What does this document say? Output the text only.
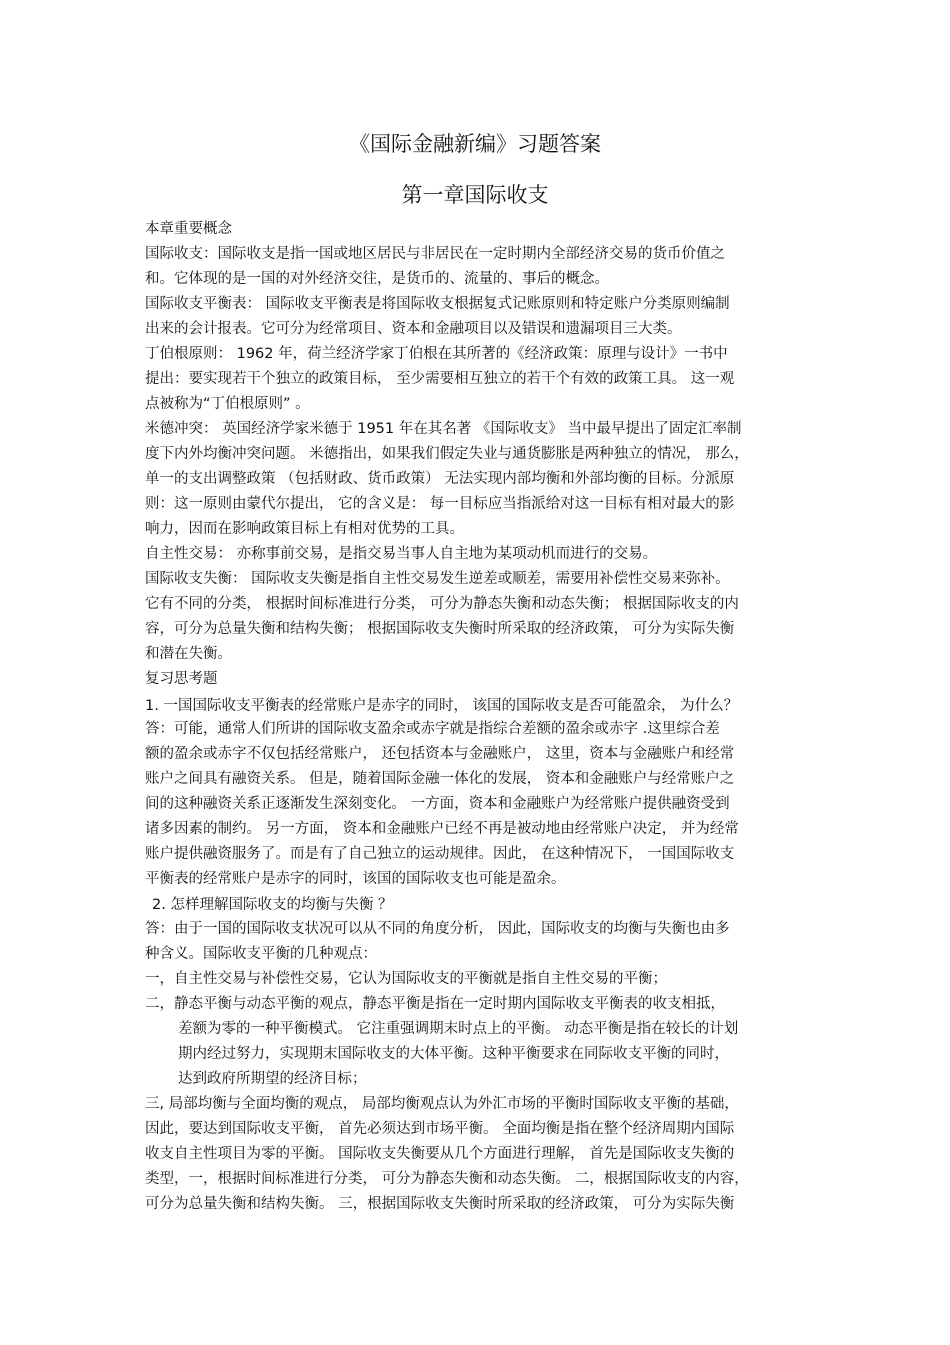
《国际金融新编》习题答案
第一章国际收支
本章重要概念
国际收支：国际收支是指一国或地区居民与非居民在一定时期内全部经济交易的货币价值之
和。它体现的是一国的对外经济交往，是货币的、流量的、事后的概念。
国际收支平衡表： 国际收支平衡表是将国际收支根据复式记账原则和特定账户分类原则编制
出来的会计报表。它可分为经常项目、资本和金融项目以及错误和遗漏项目三大类。
丁伯根原则： 1962 年，荷兰经济学家丁伯根在其所著的《经济政策：原理与设计》一书中
提出：要实现若干个独立的政策目标， 至少需要相互独立的若干个有效的政策工具。 这一观
点被称为“丁伯根原则” 。
米德冲突： 英国经济学家米德于 1951 年在其名著 《国际收支》 当中最早提出了固定汇率制
度下内外均衡冲突问题。 米德指出，如果我们假定失业与通货膨胀是两种独立的情况， 那么，
单一的支出调整政策 （包括财政、货币政策） 无法实现内部均衡和外部均衡的目标。分派原
则：这一原则由蒙代尔提出， 它的含义是： 每一目标应当指派给对这一目标有相对最大的影
响力，因而在影响政策目标上有相对优势的工具。
自主性交易： 亦称事前交易，是指交易当事人自主地为某项动机而进行的交易。
国际收支失衡： 国际收支失衡是指自主性交易发生逆差或顺差，需要用补偿性交易来弥补。
它有不同的分类， 根据时间标准进行分类， 可分为静态失衡和动态失衡； 根据国际收支的内
容，可分为总量失衡和结构失衡； 根据国际收支失衡时所采取的经济政策， 可分为实际失衡
和潜在失衡。
复习思考题
1. 一国国际收支平衡表的经常账户是赤字的同时， 该国的国际收支是否可能盈余， 为什么？
答：可能，通常人们所讲的国际收支盈余或赤字就是指综合差额的盈余或赤字 .这里综合差
额的盈余或赤字不仅包括经常账户， 还包括资本与金融账户， 这里，资本与金融账户和经常
账户之间具有融资关系。 但是，随着国际金融一体化的发展， 资本和金融账户与经常账户之
间的这种融资关系正逐渐发生深刻变化。 一方面，资本和金融账户为经常账户提供融资受到
诸多因素的制约。 另一方面， 资本和金融账户已经不再是被动地由经常账户决定， 并为经常
账户提供融资服务了。而是有了自己独立的运动规律。因此， 在这种情况下， 一国国际收支
平衡表的经常账户是赤字的同时，该国的国际收支也可能是盈余。
2. 怎样理解国际收支的均衡与失衡 ？
答：由于一国的国际收支状况可以从不同的角度分析， 因此，国际收支的均衡与失衡也由多
种含义。国际收支平衡的几种观点：
一，自主性交易与补偿性交易，它认为国际收支的平衡就是指自主性交易的平衡；
二，静态平衡与动态平衡的观点，静态平衡是指在一定时期内国际收支平衡表的收支相抵，
差额为零的一种平衡模式。 它注重强调期末时点上的平衡。 动态平衡是指在较长的计划
期内经过努力，实现期末国际收支的大体平衡。这种平衡要求在同际收支平衡的同时，
达到政府所期望的经济目标；
三, 局部均衡与全面均衡的观点， 局部均衡观点认为外汇市场的平衡时国际收支平衡的基础，
因此，要达到国际收支平衡， 首先必须达到市场平衡。 全面均衡是指在整个经济周期内国际
收支自主性项目为零的平衡。 国际收支失衡要从几个方面进行理解， 首先是国际收支失衡的
类型，一，根据时间标准进行分类， 可分为静态失衡和动态失衡。 二，根据国际收支的内容，
可分为总量失衡和结构失衡。 三，根据国际收支失衡时所采取的经济政策， 可分为实际失衡
